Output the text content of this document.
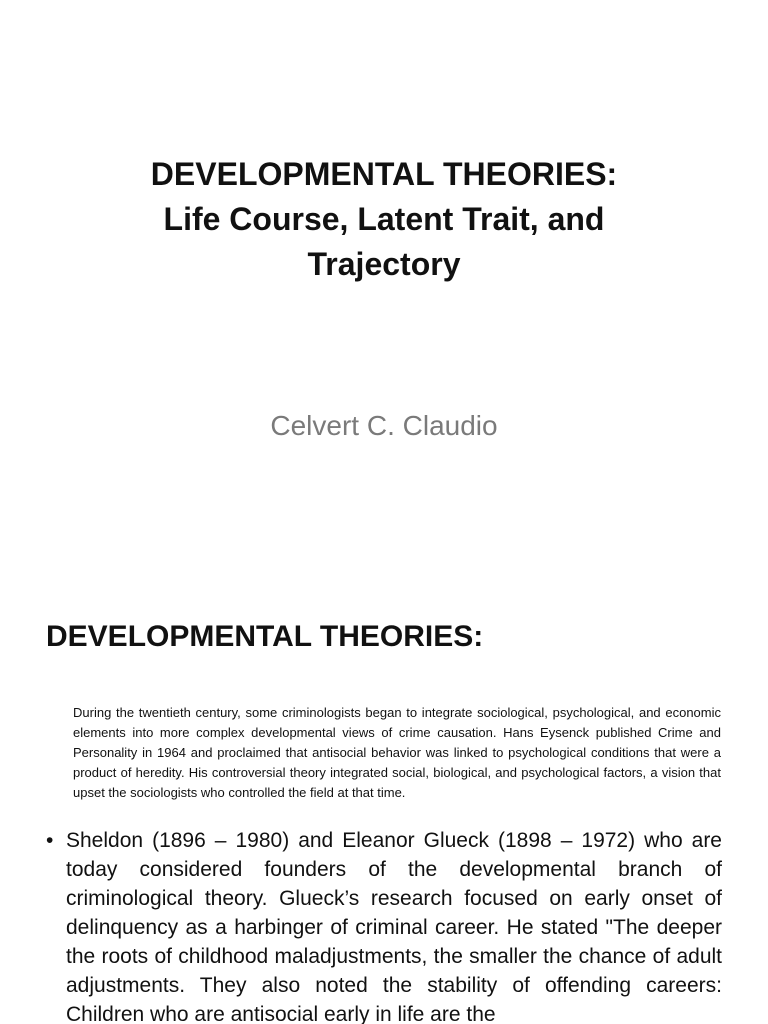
DEVELOPMENTAL THEORIES:
Life Course, Latent Trait, and
Trajectory
Celvert C. Claudio
DEVELOPMENTAL THEORIES:

During the twentieth century, some criminologists began to integrate sociological, psychological, and economic elements into more complex developmental views of crime causation. Hans Eysenck published Crime and Personality in 1964 and proclaimed that antisocial behavior was linked to psychological conditions that were a product of heredity. His controversial theory integrated social, biological, and psychological factors, a vision that upset the sociologists who controlled the field at that time.

• Sheldon (1896 – 1980) and Eleanor Glueck (1898 – 1972) who are today considered founders of the developmental branch of criminological theory. Glueck’s research focused on early onset of delinquency as a harbinger of criminal career. He stated "The deeper the roots of childhood maladjustments, the smaller the chance of adult adjustments. They also noted the stability of offending careers: Children who are antisocial early in life are the
